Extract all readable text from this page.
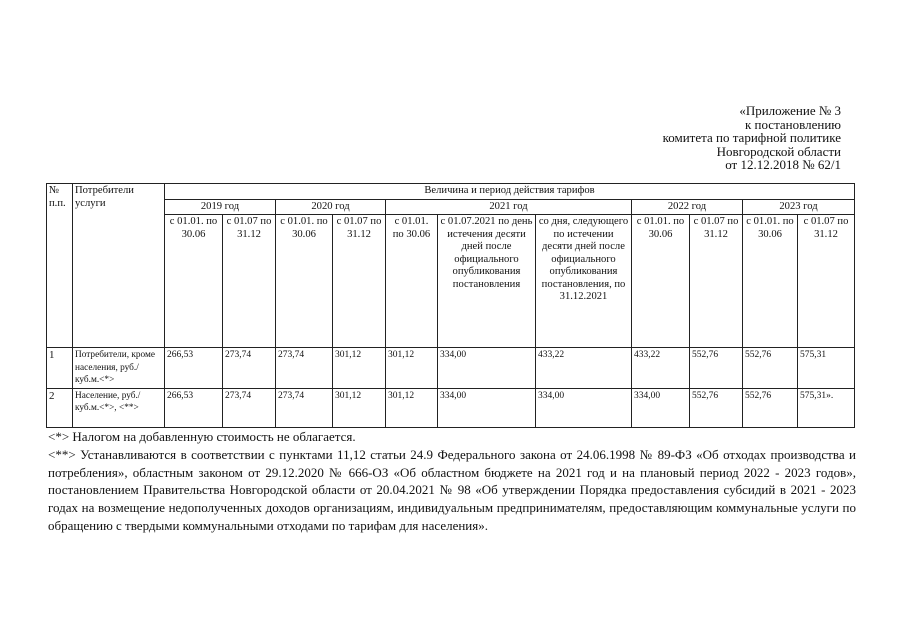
«Приложение № 3
к постановлению
комитета по тарифной политике
Новгородской области
от 12.12.2018 № 62/1
№ п.п.	Потребители услуги	Величина и период действия тарифов										
		2019 год		2020 год		2021 год			2022 год		2023 год	
		с 01.01. по 30.06	с 01.07 по 31.12	с 01.01. по 30.06	с 01.07 по 31.12	с 01.01. по 30.06	с 01.07.2021 по день истечения десяти дней после официального опубликования постановления	со дня, следующего по истечении десяти дней после официального опубликования постановления, по 31.12.2021	с 01.01. по 30.06	с 01.07 по 31.12	с 01.01. по 30.06	с 01.07 по 31.12
1	Потребители, кроме населения, руб./куб.м.<*>	266,53	273,74	273,74	301,12	301,12	334,00	433,22	433,22	552,76	552,76	575,31
2	Население, руб./куб.м.<*>, <**>	266,53	273,74	273,74	301,12	301,12	334,00	334,00	334,00	552,76	552,76	575,31».

<*> Налогом на добавленную стоимость не облагается.

<**> Устанавливаются в соответствии с пунктами 11,12 статьи 24.9 Федерального закона от 24.06.1998 № 89-ФЗ «Об отходах производства и потребления», областным законом от 29.12.2020 № 666-ОЗ «Об областном бюджете на 2021 год и на плановый период 2022 - 2023 годов», постановлением Правительства Новгородской области от 20.04.2021 № 98 «Об утверждении Порядка предоставления субсидий в 2021 - 2023 годах на возмещение недополученных доходов организациям, индивидуальным предпринимателям, предоставляющим коммунальные услуги по обращению с твердыми коммунальными отходами по тарифам для населения».
